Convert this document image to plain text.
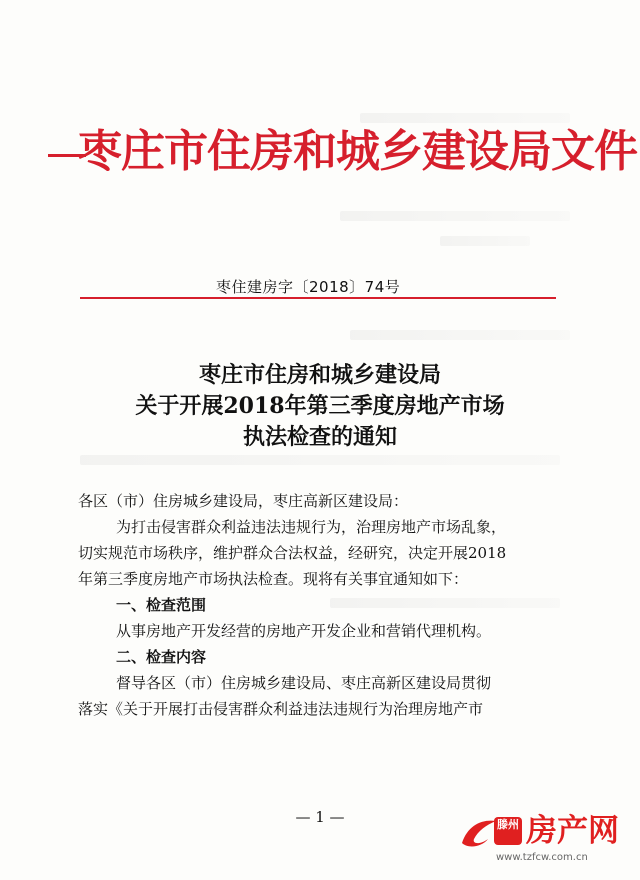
枣庄市住房和城乡建设局文件
枣住建房字〔2018〕74号
枣庄市住房和城乡建设局
关于开展2018年第三季度房地产市场
执法检查的通知
各区（市）住房城乡建设局，枣庄高新区建设局：
为打击侵害群众利益违法违规行为，治理房地产市场乱象，
切实规范市场秩序，维护群众合法权益，经研究，决定开展2018
年第三季度房地产市场执法检查。现将有关事宜通知如下：
一、检查范围
从事房地产开发经营的房地产开发企业和营销代理机构。
二、检查内容
督导各区（市）住房城乡建设局、枣庄高新区建设局贯彻
落实《关于开展打击侵害群众利益违法违规行为治理房地产市
— 1 —	滕州 房产网
www.tzfcw.com.cn
